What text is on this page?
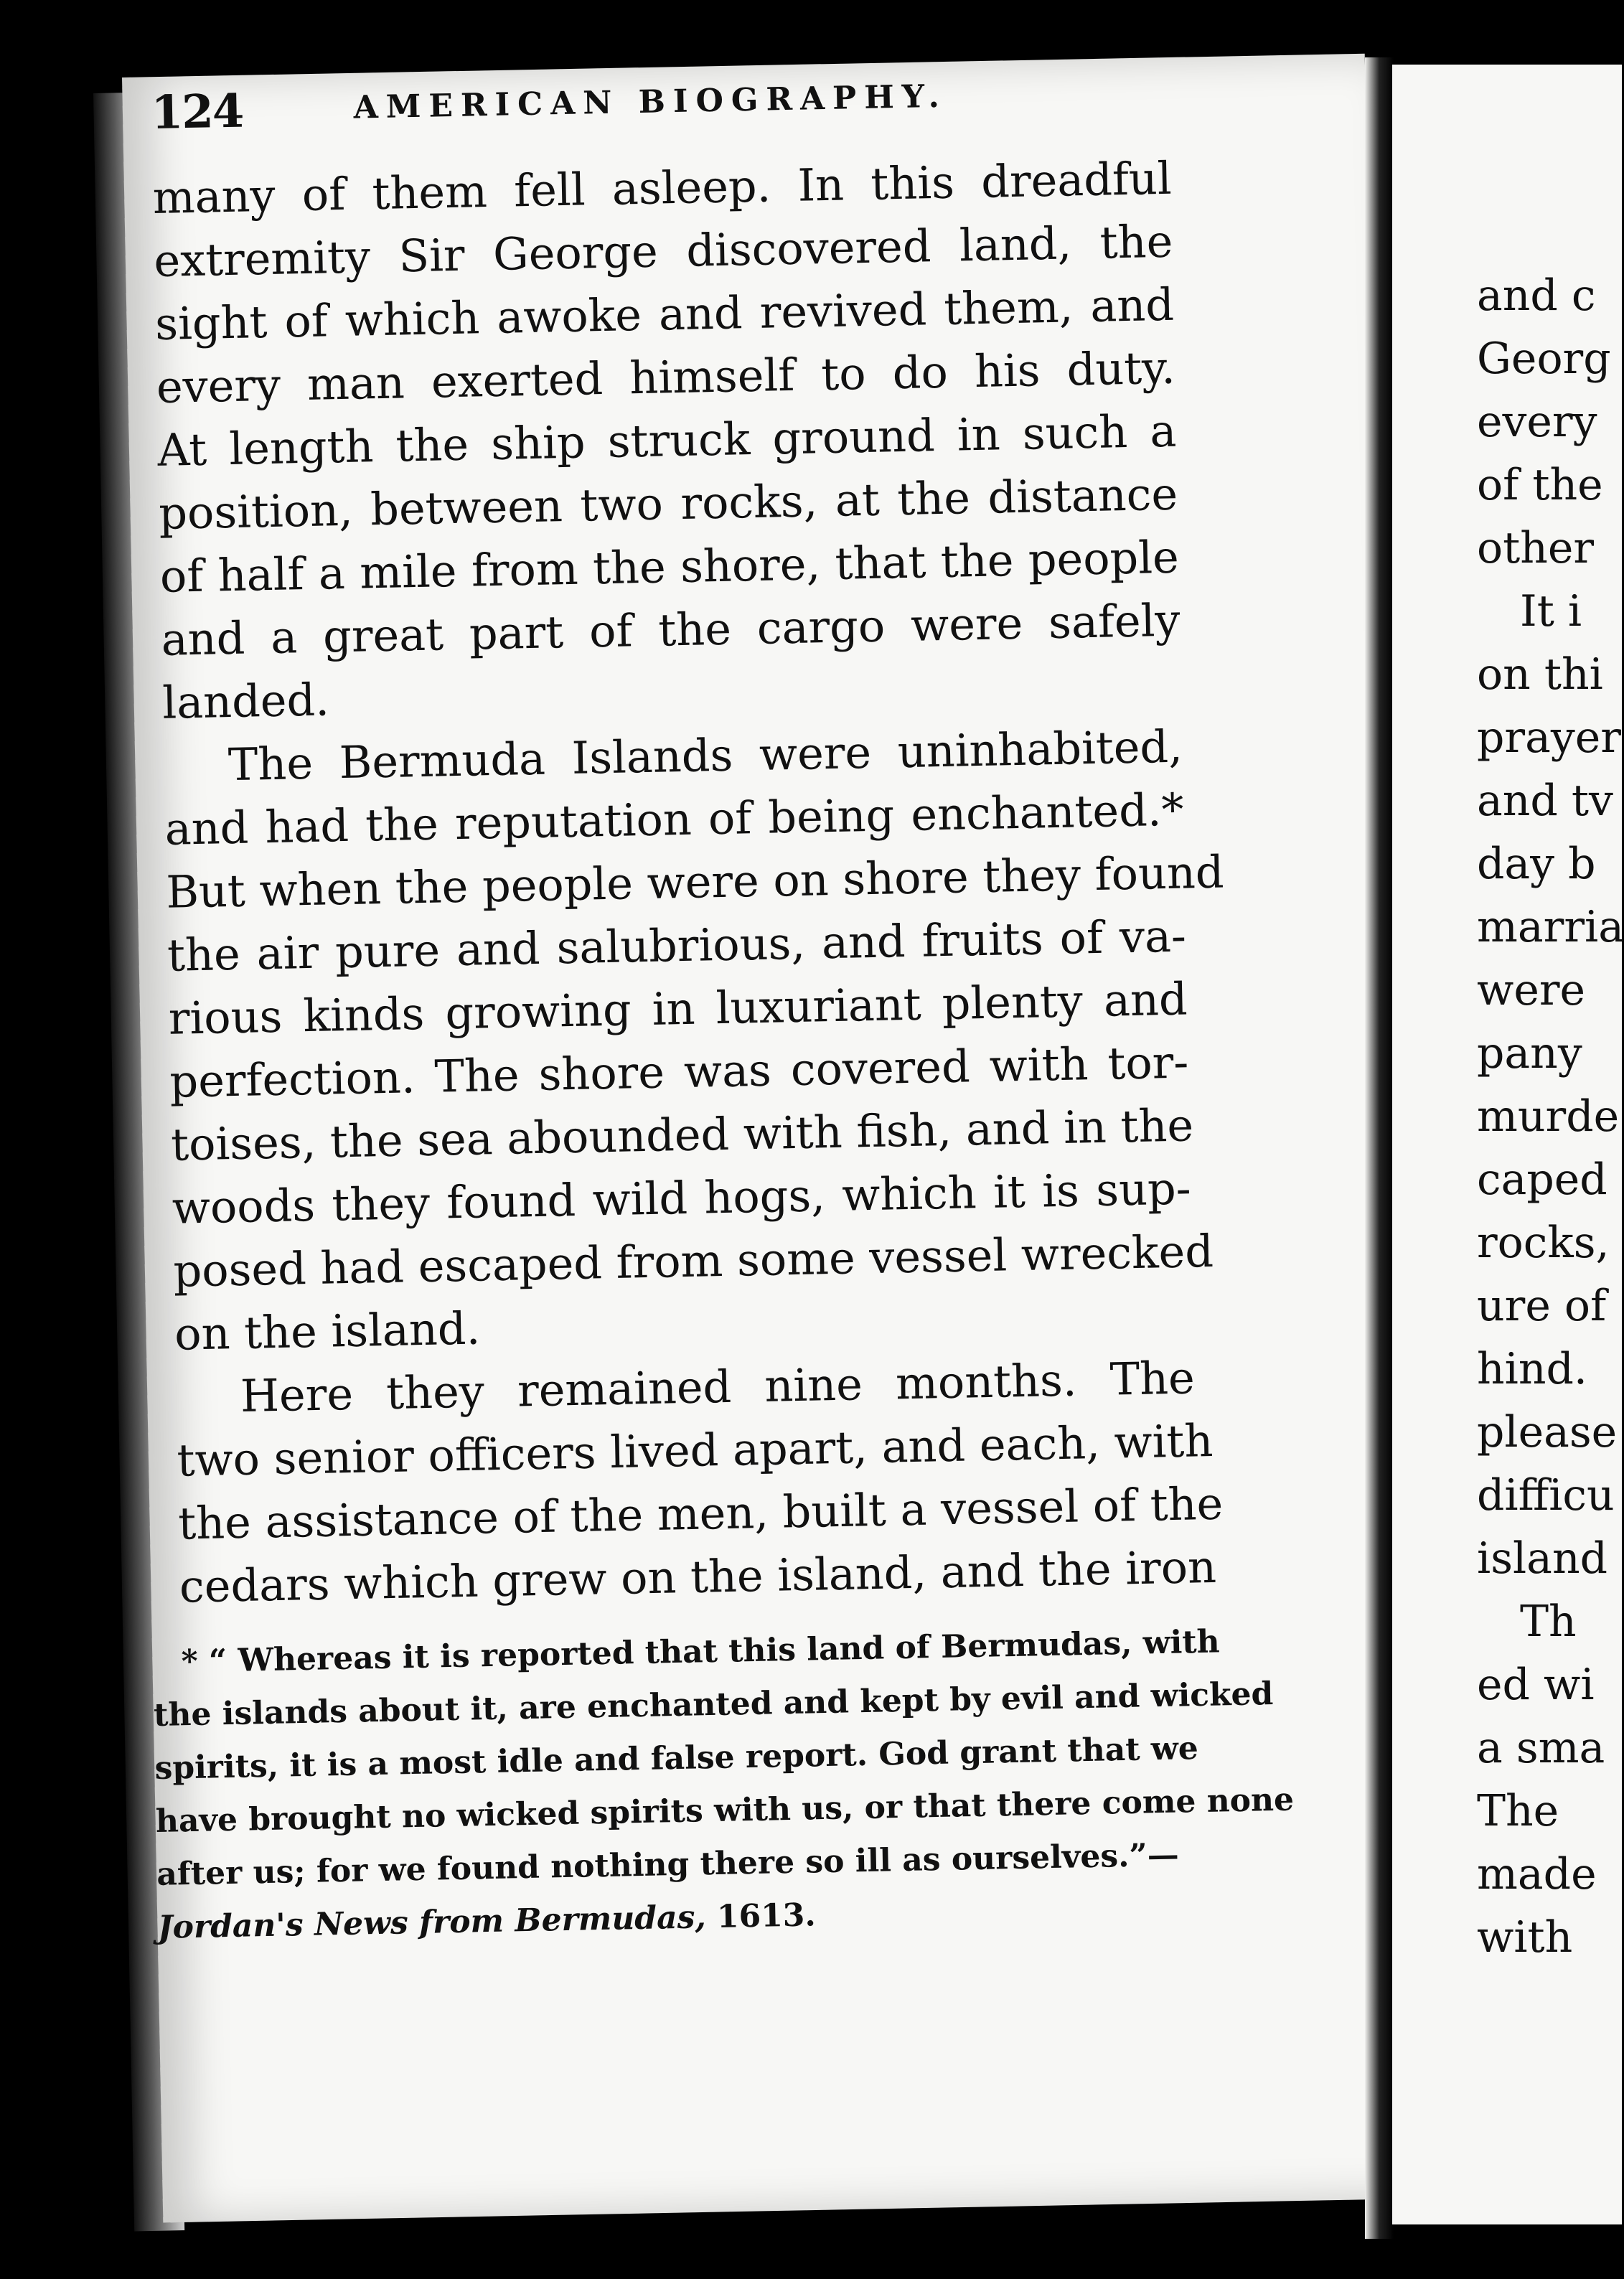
124	AMERICAN BIOGRAPHY.
many of them fell asleep. In this dreadful
extremity Sir George discovered land, the
sight of which awoke and revived them, and
every man exerted himself to do his duty.
At length the ship struck ground in such a
position, between two rocks, at the distance
of half a mile from the shore, that the people
and a great part of the cargo were safely
landed.
The Bermuda Islands were uninhabited,
and had the reputation of being enchanted.*
But when the people were on shore they found
the air pure and salubrious, and fruits of va-
rious kinds growing in luxuriant plenty and
perfection. The shore was covered with tor-
toises, the sea abounded with fish, and in the
woods they found wild hogs, which it is sup-
posed had escaped from some vessel wrecked
on the island.
Here they remained nine months. The
two senior officers lived apart, and each, with
the assistance of the men, built a vessel of the
cedars which grew on the island, and the iron
* “ Whereas it is reported that this land of Bermudas, with
the islands about it, are enchanted and kept by evil and wicked
spirits, it is a most idle and false report. God grant that we
have brought no wicked spirits with us, or that there come none
after us; for we found nothing there so ill as ourselves.”—
Jordan's News from Bermudas, 1613.
and c
Georg
every
of the
other
It i
on thi
prayer
and tv
day b
marria
were
pany
murde
caped
rocks,
ure of
hind.
please
difficu
island
Th
ed wi
a sma
The
made
with
